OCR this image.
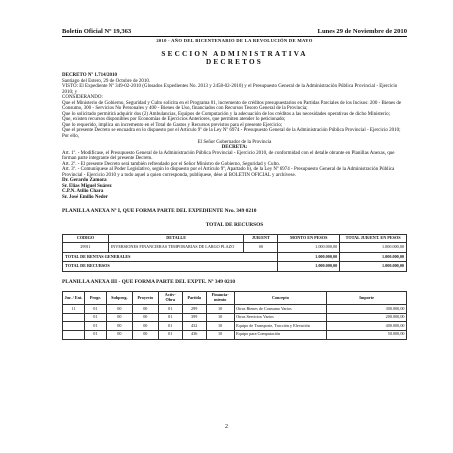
Boletín Oficial Nº 19,363	Lunes 29 de Noviembre de 2010
2010 - AÑO DEL BICENTENARIO DE LA REVOLUCIÓN DE MAYO
SECCION ADMINISTRATIVA
DECRETOS

DECRETO Nº 1.714/2010

Santiago del Estero, 29 de Octubre de 2010.

VISTO: El Expediente Nº 349-02-2010 (Glosados Expedientes No. 2013 y 2458-02-2010) y el Presupuesto General de la Administración Pública Provincial - Ejercicio 2010; y

CONSIDERANDO:

Que el Ministerio de Gobierno, Seguridad y Culto solicita en el Programa 01, incremento de créditos presupuestarios en Partidas Parciales de los Incisos: 200 - Bienes de Consumo, 300 - Servicios No Personales y 400 - Bienes de Uso, financiados con Recursos Tesoro General de la Provincia;

Que lo solicitado permitirá adquirir dos (2) Ambulancias, Equipos de Computación y la adecuación de los créditos a las necesidades operativas de dicho Ministerio;

Que, existen recursos disponibles por Economías de Ejercicios Anteriores, que permiten atender lo peticionado;

Que lo requerido, implica un incremento en el Total de Gastos y Recursos previstos para el presente Ejercicio;

Que el presente Decreto se encuadra en lo dispuesto por el Artículo 9º de la Ley Nº 6974 - Presupuesto General de la Administración Pública Provincial - Ejercicio 2010;

Por ello,

El Señor Gobernador de la Provincia

DECRETA:

Art. 1º. - Modifícase, el Presupuesto General de la Administración Pública Provincial - Ejercicio 2010, de conformidad con el detalle obrante en Planillas Anexas, que forman parte integrante del presente Decreto.

Art. 2º. - El presente Decreto será también refrendado por el Señor Ministro de Gobierno, Seguridad y Culto.

Art. 3º. - Comuníquese al Poder Legislativo, según lo dispuesto por el Artículo 9º, Apartado b), de la Ley Nº 6974 - Presupuesto General de la Administración Pública Provincial - Ejercicio 2010 y a todo aquel a quien corresponda, publíquese, dése al BOLETIN OFICIAL y archívese.

Dr. Gerardo Zamora

Sr. Elías Miguel Suárez

C.P.N. Atilio Chara

Sr. José Emilio Neder

PLANILLA ANEXA Nº I, QUE FORMA PARTE DEL EXPEDIENTE Nro. 349 0210
TOTAL DE RECURSOS
CODIGO	DETALLE	JUR/ENT	MONTO EN PESOS	TOTAL JUR/ENT. EN PESOS
29911	INVERSIONES FINANCIERAS TEMPORARIAS DE LARGO PLAZO	00	1.000.000,00	1.000.000,00
TOTAL DE RENTAS GENERALES			1.000.000,00	1.000.000,00
TOTAL DE RECURSOS			1.000.000,00	1.000.000,00
PLANILLA ANEXA III - QUE FORMA PARTE DEL EXPTE. Nº 349 0210
Jur. / Ent.	Progr.	Subprog.	Proyecto	Activ- Obra	Partida	Financia- miento	Concepto	Importe
11	01	00	00	01	299	10	Otros Bienes de Consumo Varios	300.000,00
	01	00	00	01	399	10	Otros Servicios Varios	200.000,00
	01	00	00	01	432	10	Equipo de Transporte, Tracción y Elevación	400.000,00
	01	00	00	01	436	10	Equipo para Computación	50.000,00
2
